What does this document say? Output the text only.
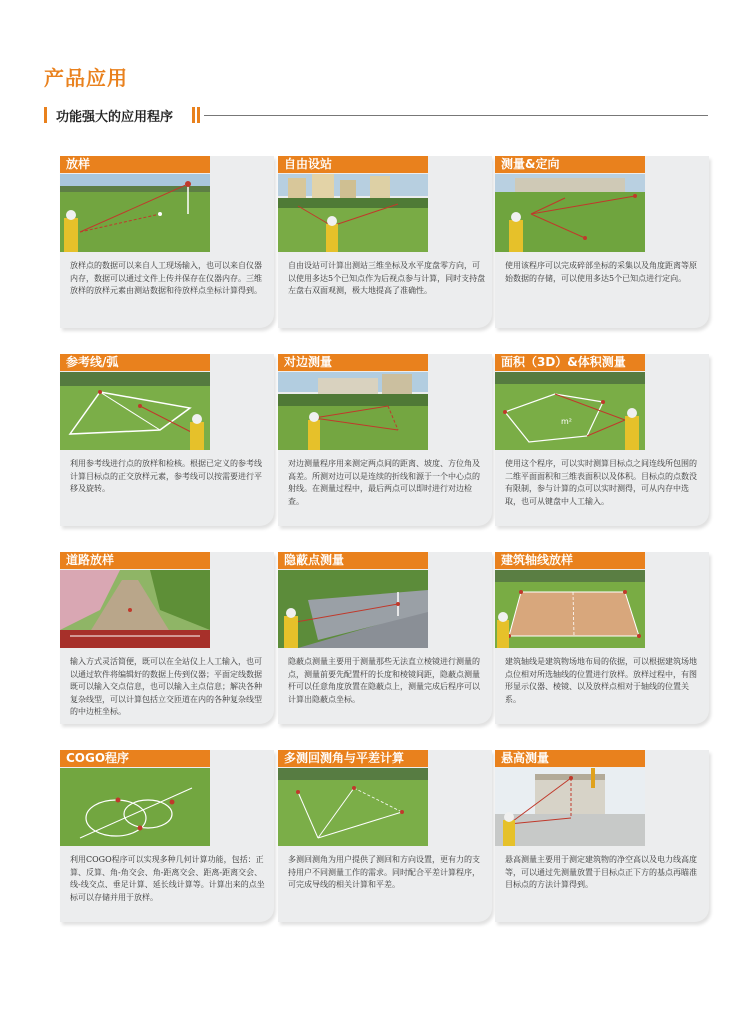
产品应用
功能强大的应用程序
放样
放样点的数据可以来自人工现场输入，也可以来自仪器内存，数据可以通过文件上传并保存在仪器内存。三维放样的放样元素由测站数据和待放样点坐标计算得到。
自由设站
自由设站可计算出测站三维坐标及水平度盘零方向，可以使用多达5个已知点作为后视点参与计算，同时支持盘左盘右双面观测，极大地提高了准确性。
测量&定向
使用该程序可以完成碎部坐标的采集以及角度距离等原始数据的存储，可以使用多达5个已知点进行定向。
参考线/弧
利用参考线进行点的放样和检核。根据已定义的参考线计算目标点的正交放样元素，参考线可以按需要进行平移及旋转。
对边测量
对边测量程序用来测定两点间的距离、坡度、方位角及高差。所测对边可以是连续的折线和源于一个中心点的射线。在测量过程中，最后两点可以即时进行对边检查。
面积（3D）&体积测量
m²
使用这个程序，可以实时测算目标点之间连线所包围的二维平面面积和三维表面积以及体积。目标点的点数没有限制，参与计算的点可以实时测得，可从内存中选取，也可从键盘中人工输入。
道路放样
输入方式灵活简便，既可以在全站仪上人工输入，也可以通过软件将编辑好的数据上传到仪器；平面定线数据既可以输入交点信息，也可以输入主点信息；解决各种复杂线型，可以计算包括立交匝道在内的各种复杂线型的中边桩坐标。
隐蔽点测量
隐蔽点测量主要用于测量那些无法直立棱镜进行测量的点，测量前要先配置杆的长度和棱镜间距，隐蔽点测量杆可以任意角度放置在隐蔽点上，测量完成后程序可以计算出隐蔽点坐标。
建筑轴线放样
建筑轴线是建筑物场地布局的依据，可以根据建筑场地点位相对所选轴线的位置进行放样。放样过程中，有图形显示仪器、棱镜、以及放样点相对于轴线的位置关系。
COGO程序
利用COGO程序可以实现多种几何计算功能，包括：正算、反算、角-角交会、角-距离交会、距离-距离交会、线-线交点、垂足计算、延长线计算等。计算出来的点坐标可以存储并用于放样。
多测回测角与平差计算
多测回测角为用户提供了测回和方向设置，更有力的支持用户不同测量工作的需求。同时配合平差计算程序，可完成导线的相关计算和平差。
悬高测量
悬高测量主要用于测定建筑物的净空高以及电力线高度等，可以通过先测量放置于目标点正下方的基点再瞄准目标点的方法计算得到。
